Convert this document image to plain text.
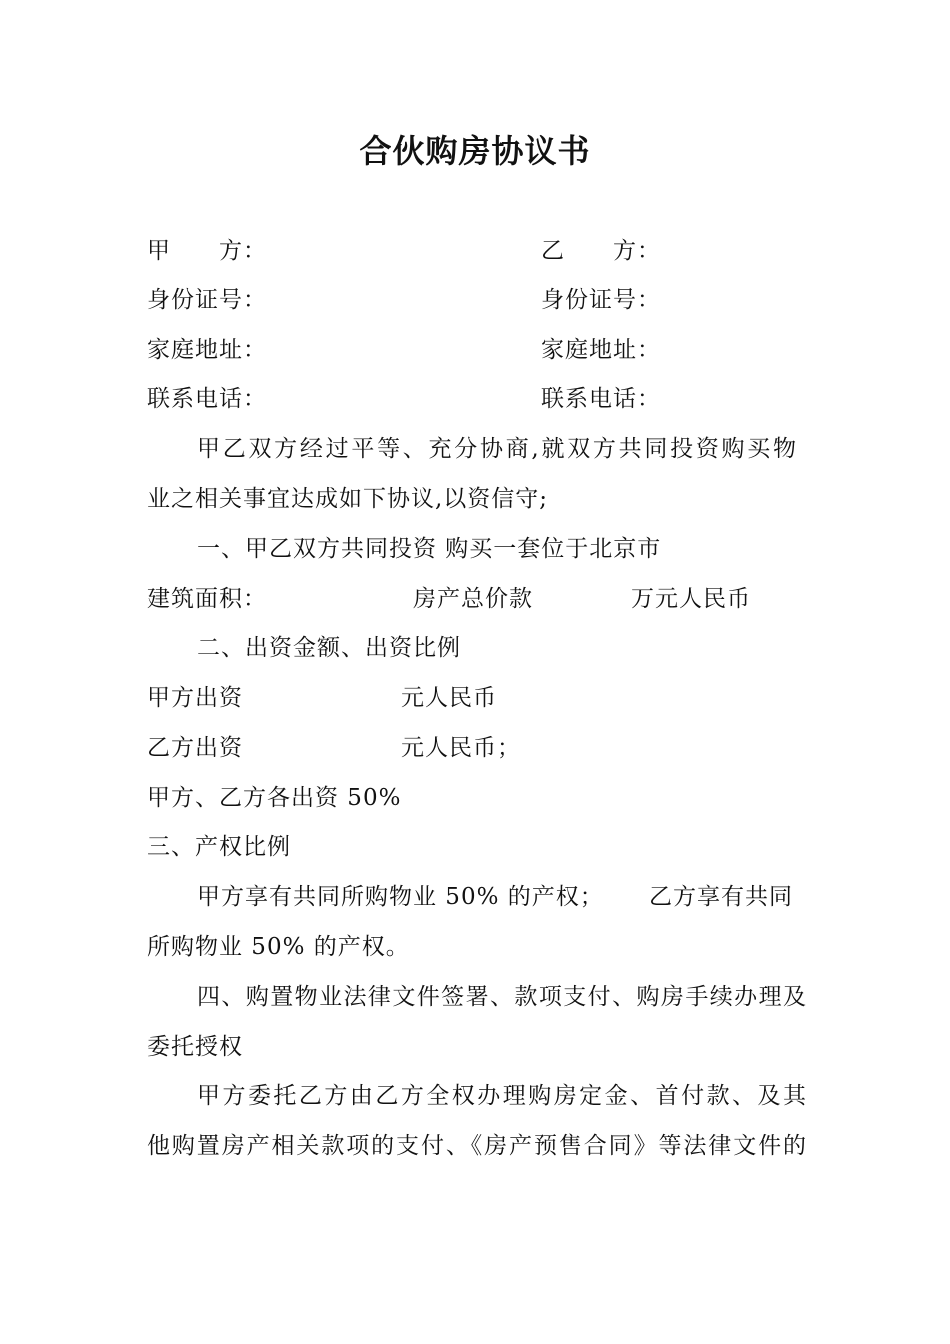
合伙购房协议书
甲　　方：	乙　　方：
身份证号：	身份证号：
家庭地址：	家庭地址：
联系电话：	联系电话：
甲乙双方经过平等、充分协商,就双方共同投资购买物
业之相关事宜达成如下协议,以资信守;
一、甲乙双方共同投资 购买一套位于北京市
建筑面积：	房产总价款	万元人民币
二、出资金额、出资比例
甲方出资	元人民币
乙方出资	元人民币；
甲方、乙方各出资 50%
三、产权比例
甲方享有共同所购物业 50% 的产权； 乙方享有共同
所购物业 50% 的产权。
四、购置物业法律文件签署、款项支付、购房手续办理及
委托授权
甲方委托乙方由乙方全权办理购房定金、首付款、及其
他购置房产相关款项的支付、《房产预售合同》等法律文件的
